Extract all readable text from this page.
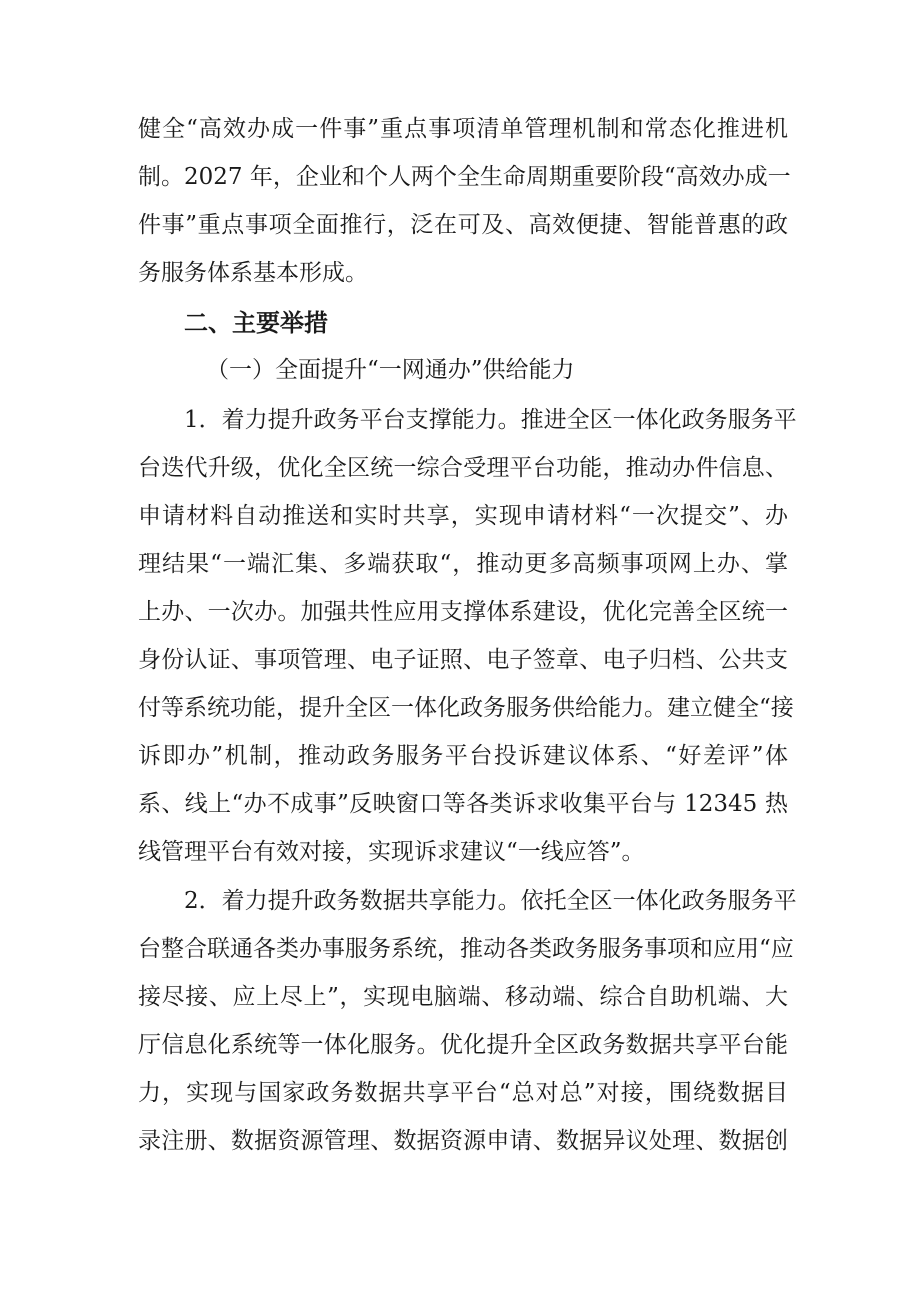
健全“高效办成一件事”重点事项清单管理机制和常态化推进机
制。2027 年，企业和个人两个全生命周期重要阶段“高效办成一
件事”重点事项全面推行，泛在可及、高效便捷、智能普惠的政
务服务体系基本形成。
二、主要举措
（一）全面提升“一网通办”供给能力
1．着力提升政务平台支撑能力。推进全区一体化政务服务平
台迭代升级，优化全区统一综合受理平台功能，推动办件信息、
申请材料自动推送和实时共享，实现申请材料“一次提交”、办
理结果“一端汇集、多端获取“，推动更多高频事项网上办、掌
上办、一次办。加强共性应用支撑体系建设，优化完善全区统一
身份认证、事项管理、电子证照、电子签章、电子归档、公共支
付等系统功能，提升全区一体化政务服务供给能力。建立健全“接
诉即办”机制，推动政务服务平台投诉建议体系、“好差评”体
系、线上“办不成事”反映窗口等各类诉求收集平台与 12345 热
线管理平台有效对接，实现诉求建议“一线应答”。
2．着力提升政务数据共享能力。依托全区一体化政务服务平
台整合联通各类办事服务系统，推动各类政务服务事项和应用“应
接尽接、应上尽上”，实现电脑端、移动端、综合自助机端、大
厅信息化系统等一体化服务。优化提升全区政务数据共享平台能
力，实现与国家政务数据共享平台“总对总”对接，围绕数据目
录注册、数据资源管理、数据资源申请、数据异议处理、数据创
